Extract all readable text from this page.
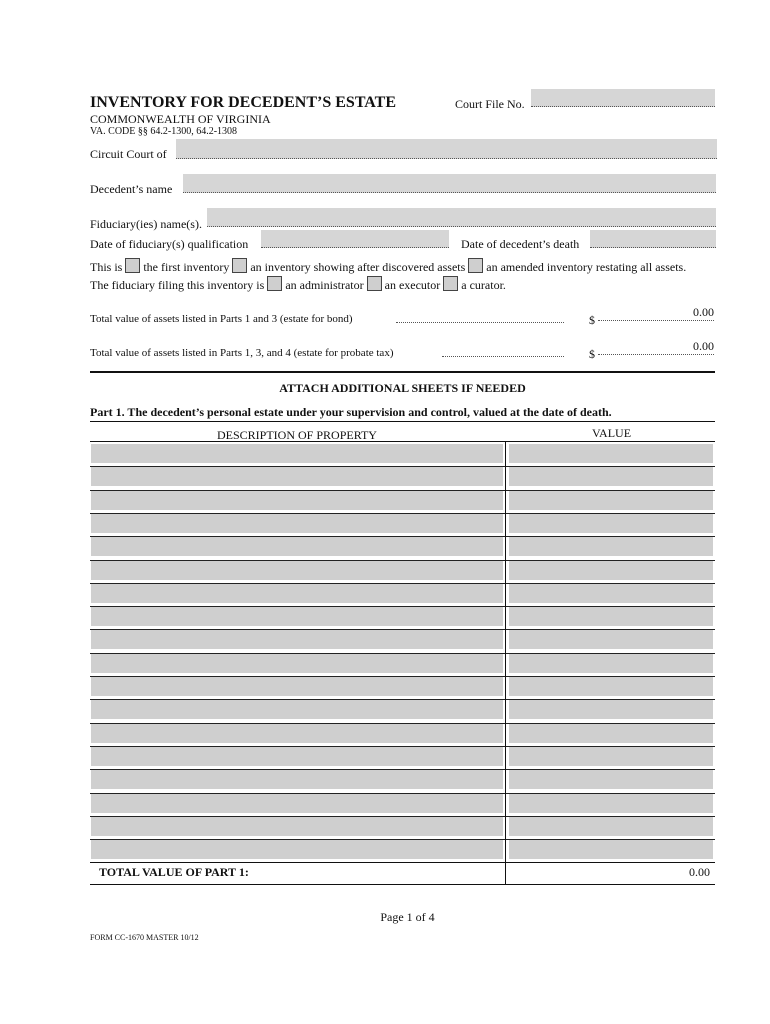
INVENTORY FOR DECEDENT’S ESTATE
COMMONWEALTH OF VIRGINIA
VA. CODE §§ 64.2-1300, 64.2-1308
Court File No.
Circuit Court of
Decedent’s name
Fiduciary(ies) name(s).
Date of fiduciary(s) qualification	Date of decedent’s death
This is the first inventory an inventory showing after discovered assets an amended inventory restating all assets.
The fiduciary filing this inventory is an administrator an executor a curator.
Total value of assets listed in Parts 1 and 3 (estate for bond)	$
0.00
Total value of assets listed in Parts 1, 3, and 4 (estate for probate tax)	$
0.00
ATTACH ADDITIONAL SHEETS IF NEEDED
Part 1. The decedent’s personal estate under your supervision and control, valued at the date of death.
DESCRIPTION OF PROPERTY	VALUE
TOTAL VALUE OF PART 1:	0.00
Page 1 of 4
FORM CC-1670 MASTER 10/12
